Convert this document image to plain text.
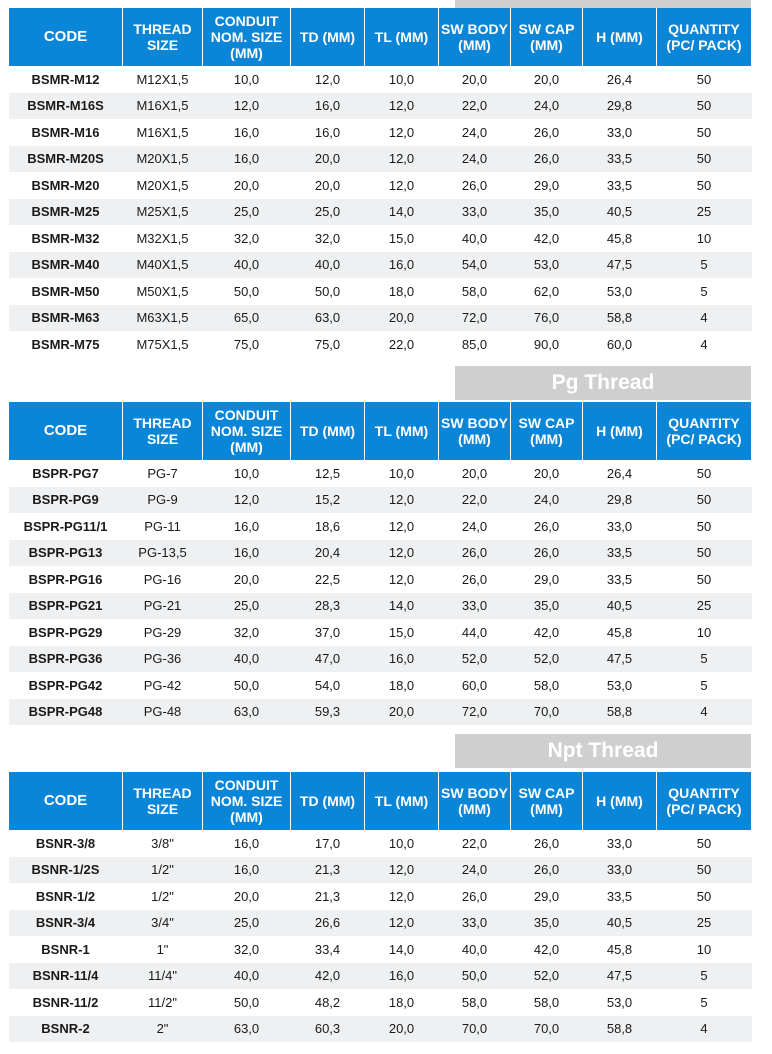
CODE	THREAD SIZE	CONDUIT NOM. SIZE (MM)	TD (MM)	TL (MM)	SW BODY (MM)	SW CAP (MM)	H (MM)	QUANTITY (PC/ PACK)
BSMR-M12	M12X1,5	10,0	12,0	10,0	20,0	20,0	26,4	50
BSMR-M16S	M16X1,5	12,0	16,0	12,0	22,0	24,0	29,8	50
BSMR-M16	M16X1,5	16,0	16,0	12,0	24,0	26,0	33,0	50
BSMR-M20S	M20X1,5	16,0	20,0	12,0	24,0	26,0	33,5	50
BSMR-M20	M20X1,5	20,0	20,0	12,0	26,0	29,0	33,5	50
BSMR-M25	M25X1,5	25,0	25,0	14,0	33,0	35,0	40,5	25
BSMR-M32	M32X1,5	32,0	32,0	15,0	40,0	42,0	45,8	10
BSMR-M40	M40X1,5	40,0	40,0	16,0	54,0	53,0	47,5	5
BSMR-M50	M50X1,5	50,0	50,0	18,0	58,0	62,0	53,0	5
BSMR-M63	M63X1,5	65,0	63,0	20,0	72,0	76,0	58,8	4
BSMR-M75	M75X1,5	75,0	75,0	22,0	85,0	90,0	60,0	4
Pg Thread
CODE	THREAD SIZE	CONDUIT NOM. SIZE (MM)	TD (MM)	TL (MM)	SW BODY (MM)	SW CAP (MM)	H (MM)	QUANTITY (PC/ PACK)
BSPR-PG7	PG-7	10,0	12,5	10,0	20,0	20,0	26,4	50
BSPR-PG9	PG-9	12,0	15,2	12,0	22,0	24,0	29,8	50
BSPR-PG11/1	PG-11	16,0	18,6	12,0	24,0	26,0	33,0	50
BSPR-PG13	PG-13,5	16,0	20,4	12,0	26,0	26,0	33,5	50
BSPR-PG16	PG-16	20,0	22,5	12,0	26,0	29,0	33,5	50
BSPR-PG21	PG-21	25,0	28,3	14,0	33,0	35,0	40,5	25
BSPR-PG29	PG-29	32,0	37,0	15,0	44,0	42,0	45,8	10
BSPR-PG36	PG-36	40,0	47,0	16,0	52,0	52,0	47,5	5
BSPR-PG42	PG-42	50,0	54,0	18,0	60,0	58,0	53,0	5
BSPR-PG48	PG-48	63,0	59,3	20,0	72,0	70,0	58,8	4
Npt Thread
CODE	THREAD SIZE	CONDUIT NOM. SIZE (MM)	TD (MM)	TL (MM)	SW BODY (MM)	SW CAP (MM)	H (MM)	QUANTITY (PC/ PACK)
BSNR-3/8	3/8"	16,0	17,0	10,0	22,0	26,0	33,0	50
BSNR-1/2S	1/2"	16,0	21,3	12,0	24,0	26,0	33,0	50
BSNR-1/2	1/2"	20,0	21,3	12,0	26,0	29,0	33,5	50
BSNR-3/4	3/4"	25,0	26,6	12,0	33,0	35,0	40,5	25
BSNR-1	1"	32,0	33,4	14,0	40,0	42,0	45,8	10
BSNR-11/4	11/4"	40,0	42,0	16,0	50,0	52,0	47,5	5
BSNR-11/2	11/2"	50,0	48,2	18,0	58,0	58,0	53,0	5
BSNR-2	2"	63,0	60,3	20,0	70,0	70,0	58,8	4
